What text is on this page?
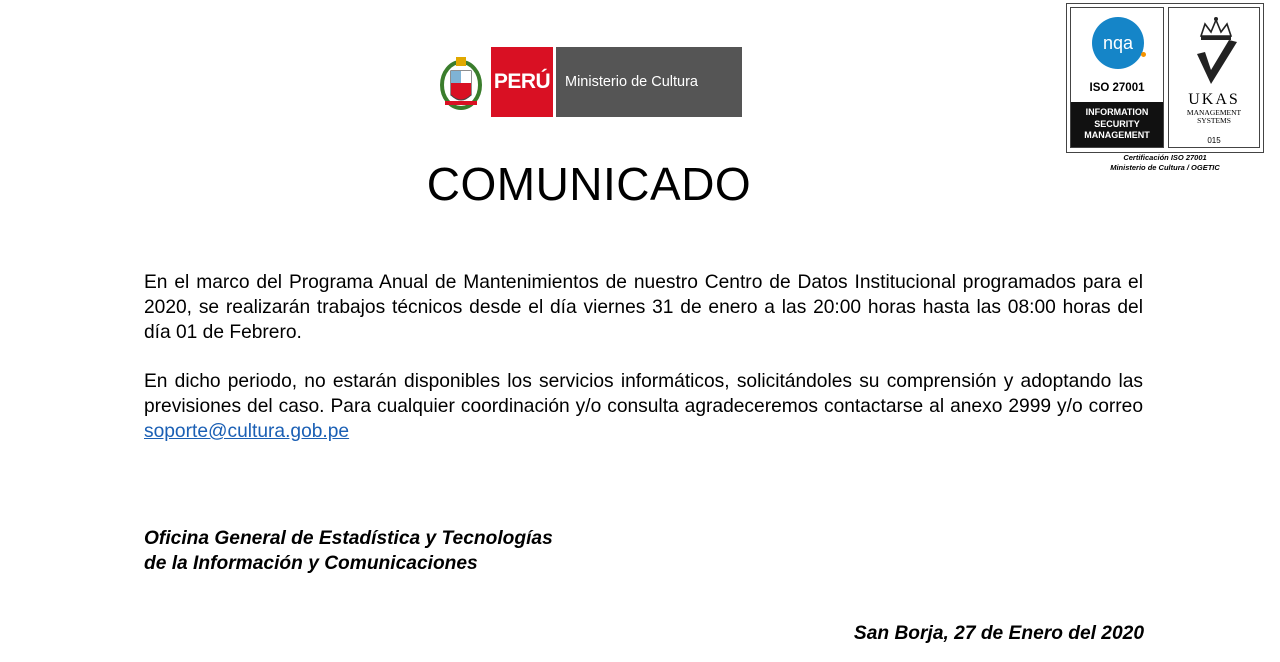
PERÚ	Ministerio de Cultura
nqa
ISO 27001
INFORMATION
SECURITY
MANAGEMENT
UKAS
MANAGEMENT
SYSTEMS
015
Certificación ISO 27001
Ministerio de Cultura / OGETIC
COMUNICADO

En el marco del Programa Anual de Mantenimientos de nuestro Centro de Datos Institucional programados para el 2020, se realizarán trabajos técnicos desde el día viernes 31 de enero a las 20:00 horas hasta las 08:00 horas del día 01 de Febrero.

En dicho periodo, no estarán disponibles los servicios informáticos, solicitándoles su comprensión y adoptando las previsiones del caso. Para cualquier coordinación y/o consulta agradeceremos contactarse al anexo 2999 y/o correo soporte@cultura.gob.pe

Oficina General de Estadística y Tecnologías
de la Información y Comunicaciones
San Borja, 27 de Enero del 2020
